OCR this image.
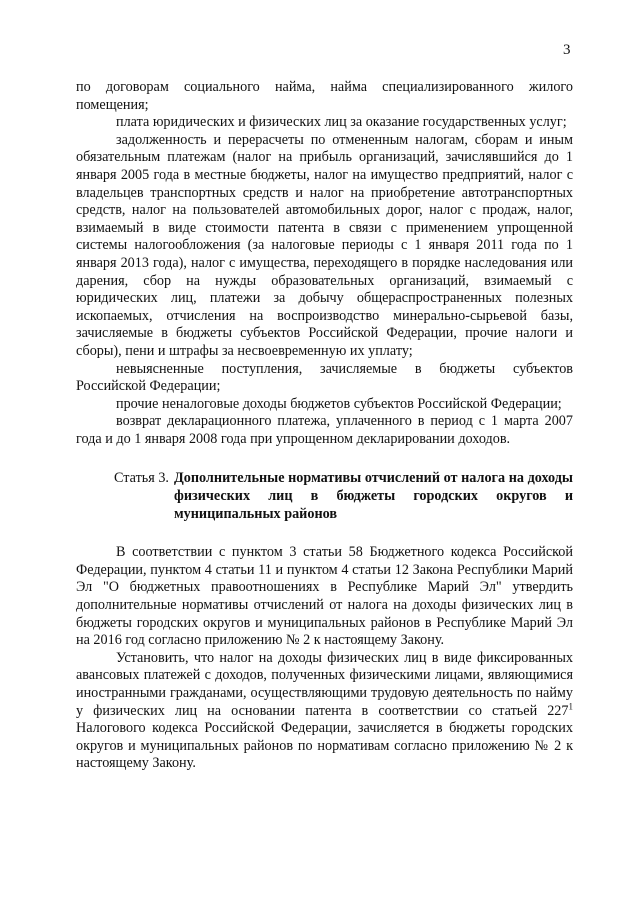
3

по договорам социального найма, найма специализированного жилого помещения;

плата юридических и физических лиц за оказание государственных услуг;

задолженность и перерасчеты по отмененным налогам, сборам и иным обязательным платежам (налог на прибыль организаций, зачислявшийся до 1 января 2005 года в местные бюджеты, налог на имущество предприятий, налог с владельцев транспортных средств и налог на приобретение автотранспортных средств, налог на пользователей автомобильных дорог, налог с продаж, налог, взимаемый в виде стоимости патента в связи с применением упрощенной системы налогообложения (за налоговые периоды с 1 января 2011 года по 1 января 2013 года), налог с имущества, переходящего в порядке наследования или дарения, сбор на нужды образовательных организаций, взимаемый с юридических лиц, платежи за добычу общераспространенных полезных ископаемых, отчисления на воспроизводство минерально-сырьевой базы, зачисляемые в бюджеты субъектов Российской Федерации, прочие налоги и сборы), пени и штрафы за несвоевременную их уплату;

невыясненные поступления, зачисляемые в бюджеты субъектов Российской Федерации;

прочие неналоговые доходы бюджетов субъектов Российской Федерации;

возврат декларационного платежа, уплаченного в период с 1 марта 2007 года и до 1 января 2008 года при упрощенном декларировании доходов.

Статья 3. Дополнительные нормативы отчислений от налога на доходы физических лиц в бюджеты городских округов и муниципальных районов

В соответствии с пунктом 3 статьи 58 Бюджетного кодекса Российской Федерации, пунктом 4 статьи 11 и пунктом 4 статьи 12 Закона Республики Марий Эл "О бюджетных правоотношениях в Республике Марий Эл" утвердить дополнительные нормативы отчислений от налога на доходы физических лиц в бюджеты городских округов и муниципальных районов в Республике Марий Эл на 2016 год согласно приложению № 2 к настоящему Закону.

Установить, что налог на доходы физических лиц в виде фиксированных авансовых платежей с доходов, полученных физическими лицами, являющимися иностранными гражданами, осуществляющими трудовую деятельность по найму у физических лиц на основании патента в соответствии со статьей $227^1$ Налогового кодекса Российской Федерации, зачисляется в бюджеты городских округов и муниципальных районов по нормативам согласно приложению № 2 к настоящему Закону.
